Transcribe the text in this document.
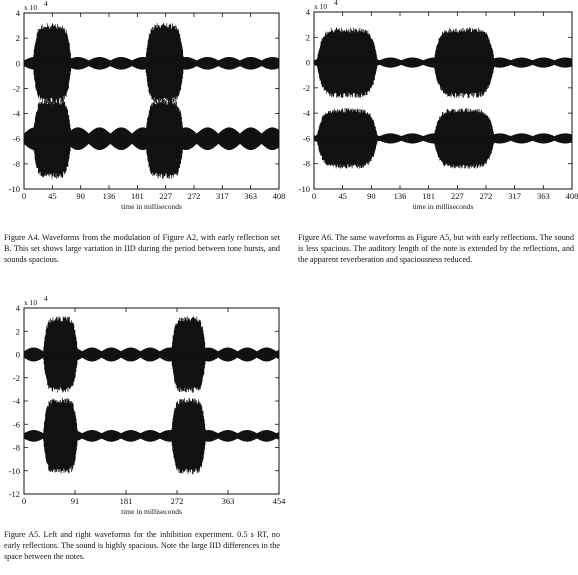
x 10 4
4
2
0
-2
-4
-6
-8
-10
0	45 90 136 181 227 272 317 363 408
time in milliseconds
Figure A4. Waveforms from the modulation of Figure A2, with early reflection set B. This set shows large variation in IID during the period between tone bursts, and sounds spacious.
x 10 4
4
2
0
-2
-4
-6
-8
-10
0	45 90 136 181 227 272 317 363 408
time in milliseconds
Figure A6. The same waveforms as Figure A5, but with early reflections. The sound is less spacious. The auditory length of the note is extended by the reflections, and the apparent reverberation and spaciousness reduced.
x 10 4
4
2
0
-2
-4
-6
-8
-10
-12
0	91	181	272	363	454
time in milliseconds
Figure A5. Left and right waveforms for the inhibition experiment. 0.5 s RT, no early reflections. The sound is highly spacious. Note the large IID differences in the space between the notes.
